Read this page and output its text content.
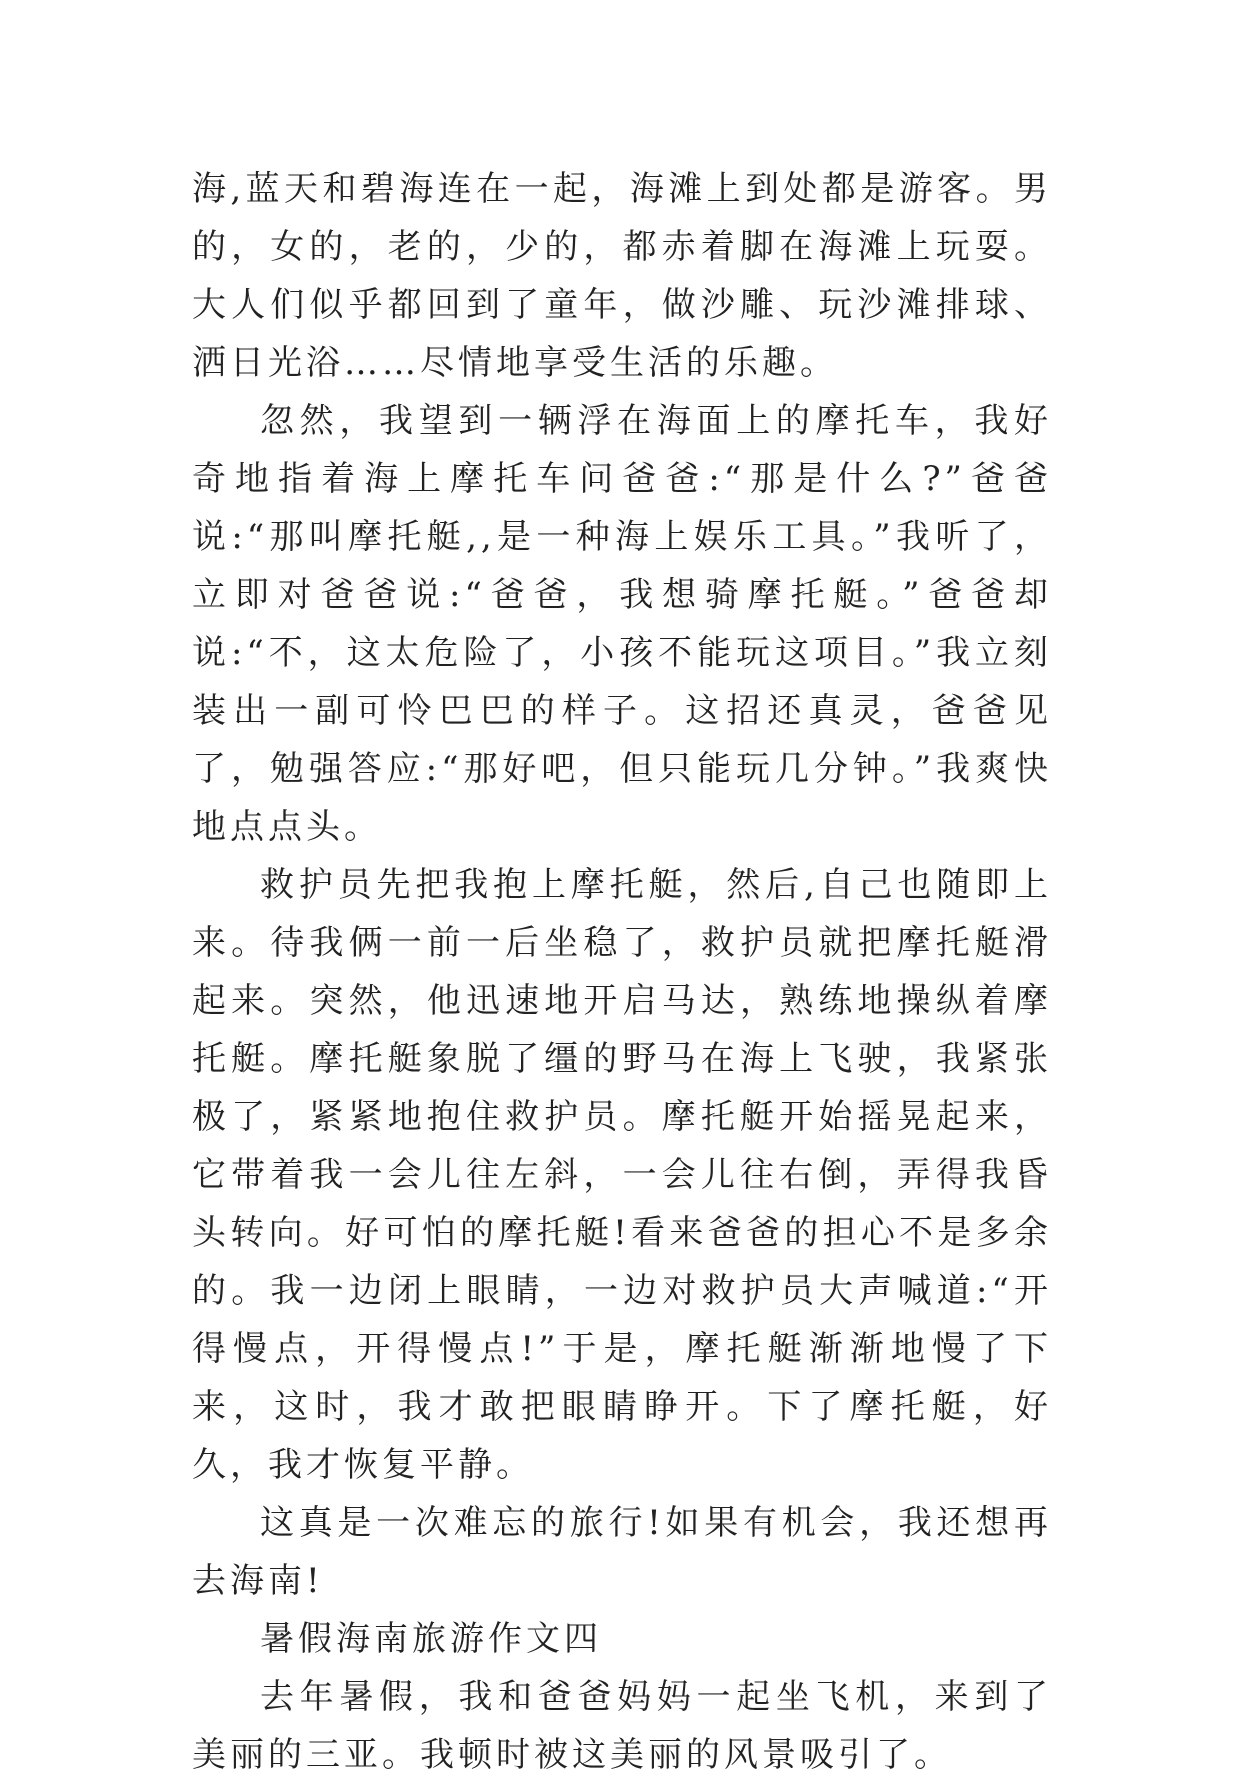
海,蓝天和碧海连在一起，海滩上到处都是游客。男的，女的，老的，少的，都赤着脚在海滩上玩耍。大人们似乎都回到了童年，做沙雕、玩沙滩排球、洒日光浴……尽情地享受生活的乐趣。

忽然，我望到一辆浮在海面上的摩托车，我好奇地指着海上摩托车问爸爸:“那是什么?”爸爸说:“那叫摩托艇,,是一种海上娱乐工具。”我听了，立即对爸爸说:“爸爸，我想骑摩托艇。”爸爸却说:“不，这太危险了，小孩不能玩这项目。”我立刻装出一副可怜巴巴的样子。这招还真灵，爸爸见了，勉强答应:“那好吧，但只能玩几分钟。”我爽快地点点头。

救护员先把我抱上摩托艇，然后,自己也随即上来。待我俩一前一后坐稳了，救护员就把摩托艇滑起来。突然，他迅速地开启马达，熟练地操纵着摩托艇。摩托艇象脱了缰的野马在海上飞驶，我紧张极了，紧紧地抱住救护员。摩托艇开始摇晃起来，它带着我一会儿往左斜，一会儿往右倒，弄得我昏头转向。好可怕的摩托艇!看来爸爸的担心不是多余的。我一边闭上眼睛，一边对救护员大声喊道:“开得慢点，开得慢点!”于是，摩托艇渐渐地慢了下来，这时，我才敢把眼睛睁开。下了摩托艇，好久，我才恢复平静。

这真是一次难忘的旅行!如果有机会，我还想再去海南!

暑假海南旅游作文四

去年暑假，我和爸爸妈妈一起坐飞机，来到了美丽的三亚。我顿时被这美丽的风景吸引了。
